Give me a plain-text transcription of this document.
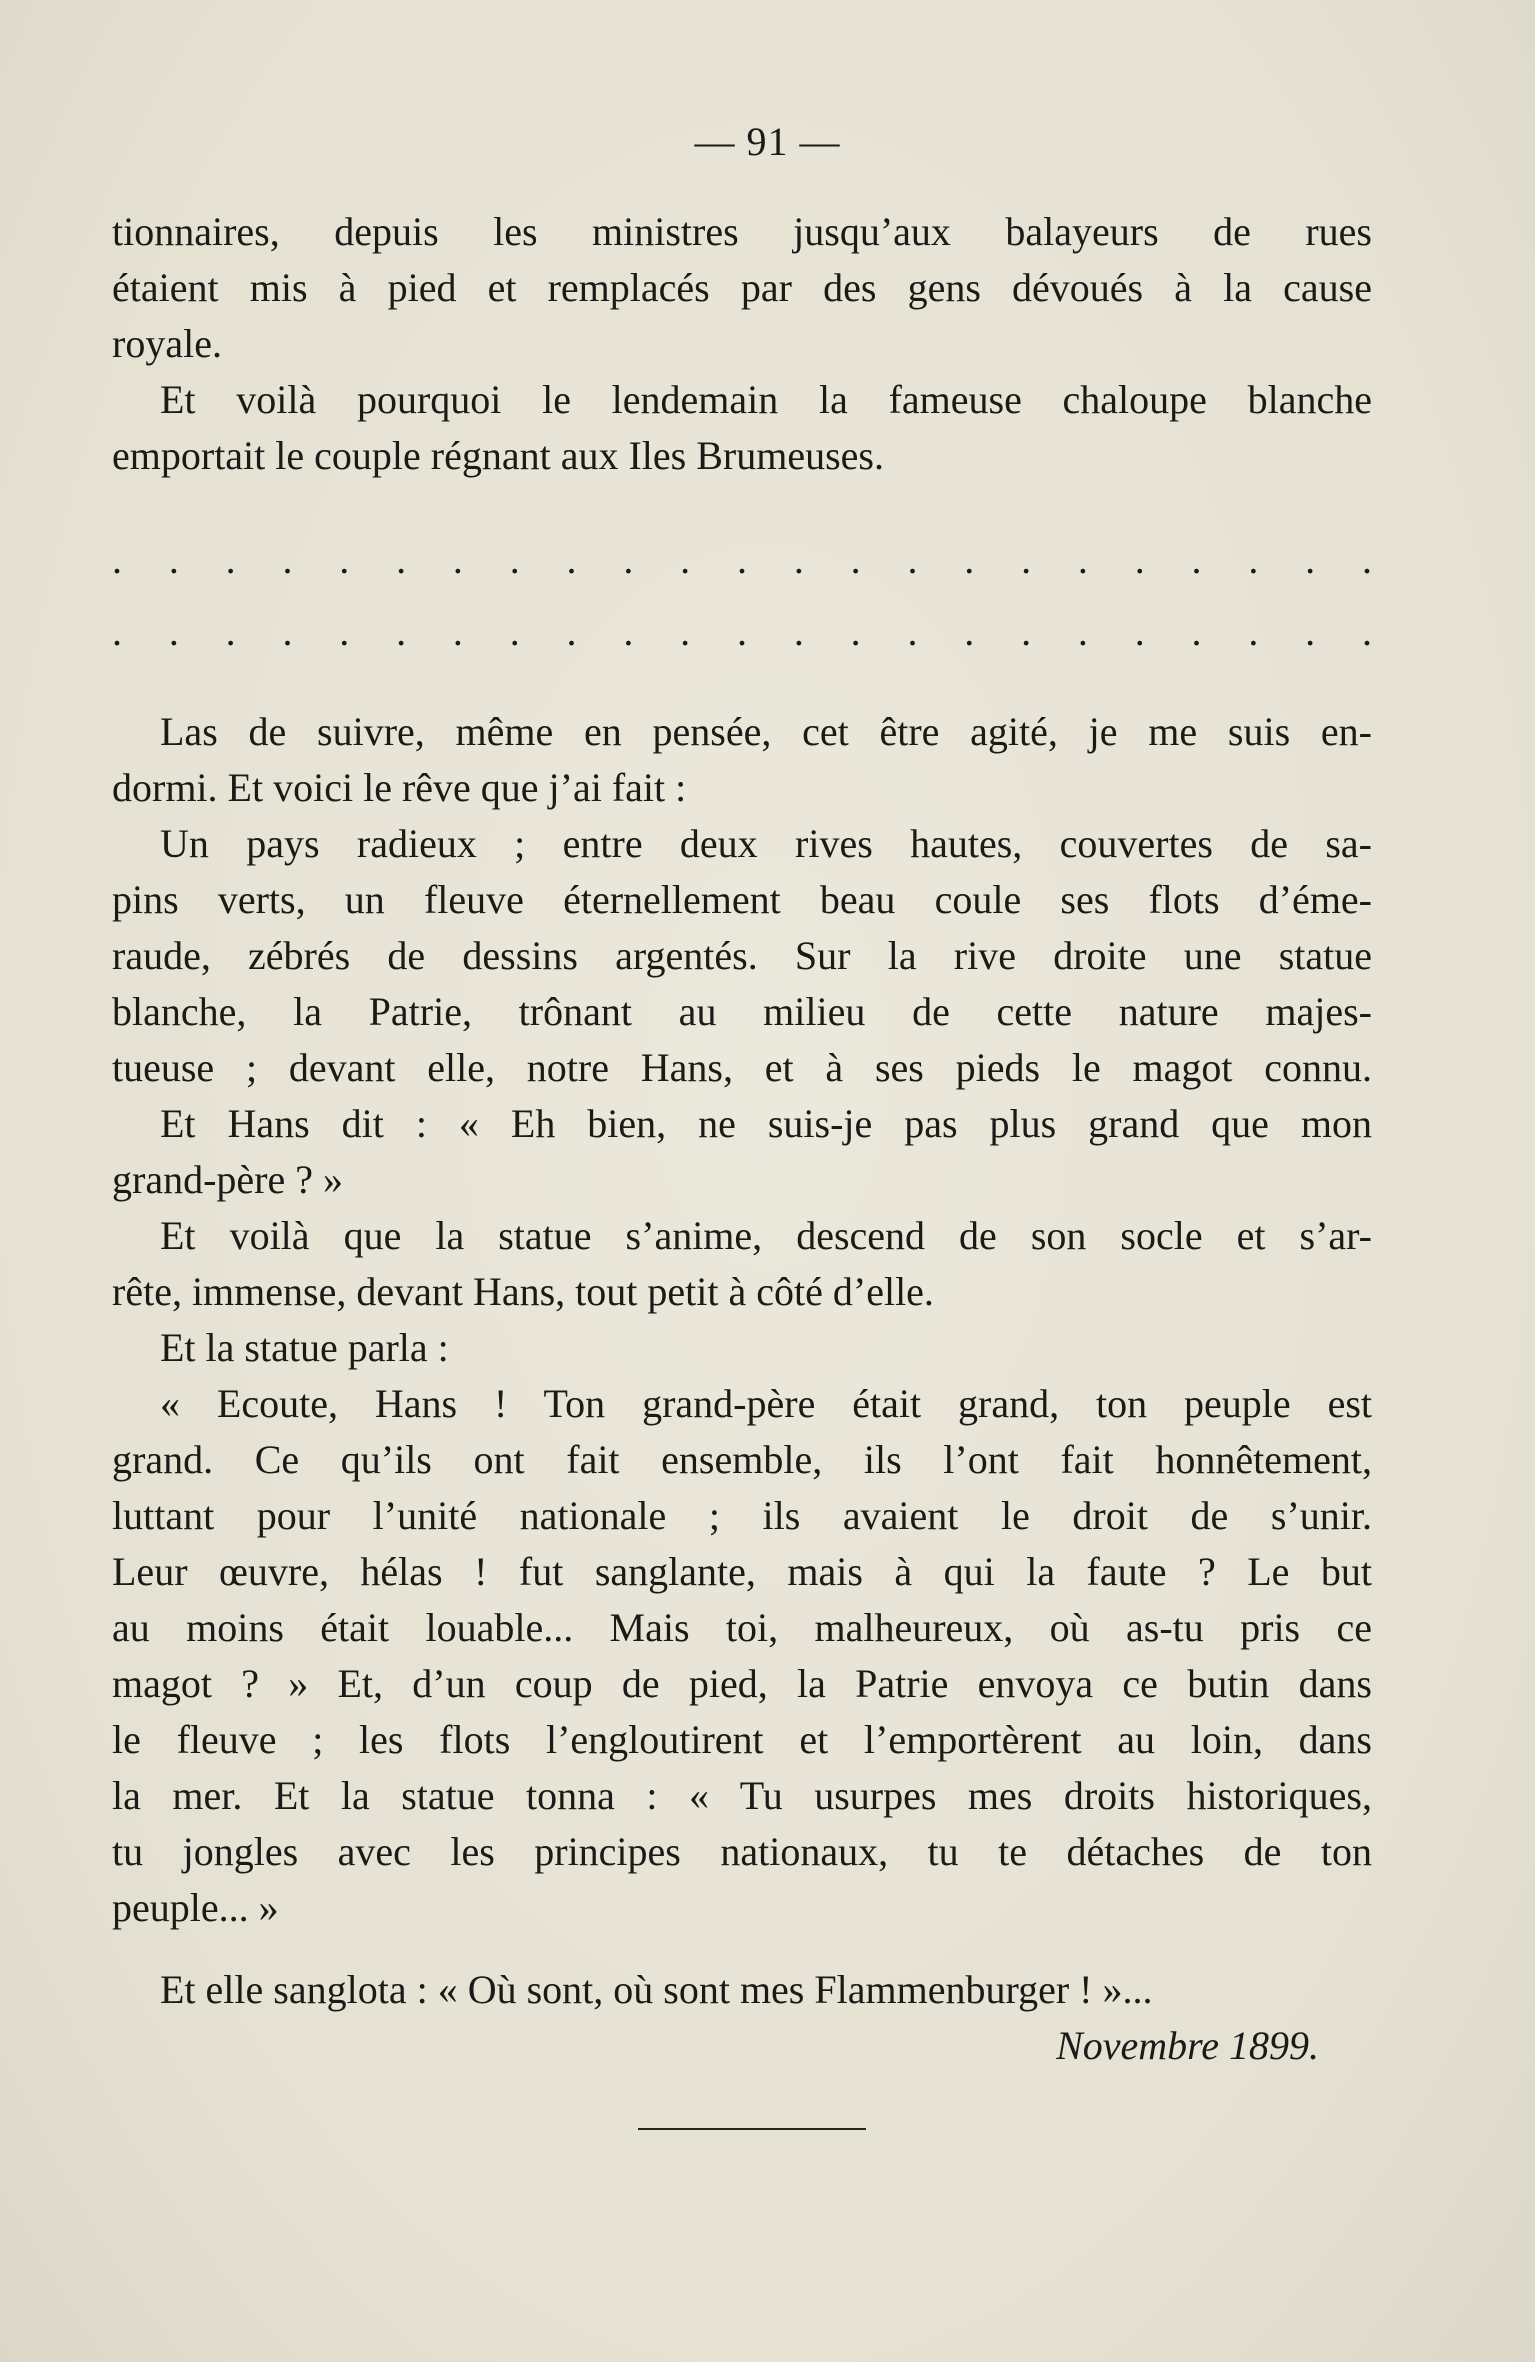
— 91 —
tionnaires, depuis les ministres jusqu’aux balayeurs de rues
étaient mis à pied et remplacés par des gens dévoués à la cause
royale.
Et voilà pourquoi le lendemain la fameuse chaloupe blanche
emportait le couple régnant aux Iles Brumeuses.
. . . . . . . . . . . . . . . . . . . . . . .
. . . . . . . . . . . . . . . . . . . . . . .
Las de suivre, même en pensée, cet être agité, je me suis en-
dormi. Et voici le rêve que j’ai fait :
Un pays radieux ; entre deux rives hautes, couvertes de sa-
pins verts, un fleuve éternellement beau coule ses flots d’éme-
raude, zébrés de dessins argentés. Sur la rive droite une statue
blanche, la Patrie, trônant au milieu de cette nature majes-
tueuse ; devant elle, notre Hans, et à ses pieds le magot connu.
Et Hans dit : « Eh bien, ne suis-je pas plus grand que mon
grand-père ? »
Et voilà que la statue s’anime, descend de son socle et s’ar-
rête, immense, devant Hans, tout petit à côté d’elle.
Et la statue parla :
« Ecoute, Hans ! Ton grand-père était grand, ton peuple est
grand. Ce qu’ils ont fait ensemble, ils l’ont fait honnêtement,
luttant pour l’unité nationale ; ils avaient le droit de s’unir.
Leur œuvre, hélas ! fut sanglante, mais à qui la faute ? Le but
au moins était louable... Mais toi, malheureux, où as-tu pris ce
magot ? » Et, d’un coup de pied, la Patrie envoya ce butin dans
le fleuve ; les flots l’engloutirent et l’emportèrent au loin, dans
la mer. Et la statue tonna : « Tu usurpes mes droits historiques,
tu jongles avec les principes nationaux, tu te détaches de ton
peuple... »
Et elle sanglota : « Où sont, où sont mes Flammenburger ! »...
Novembre 1899.
